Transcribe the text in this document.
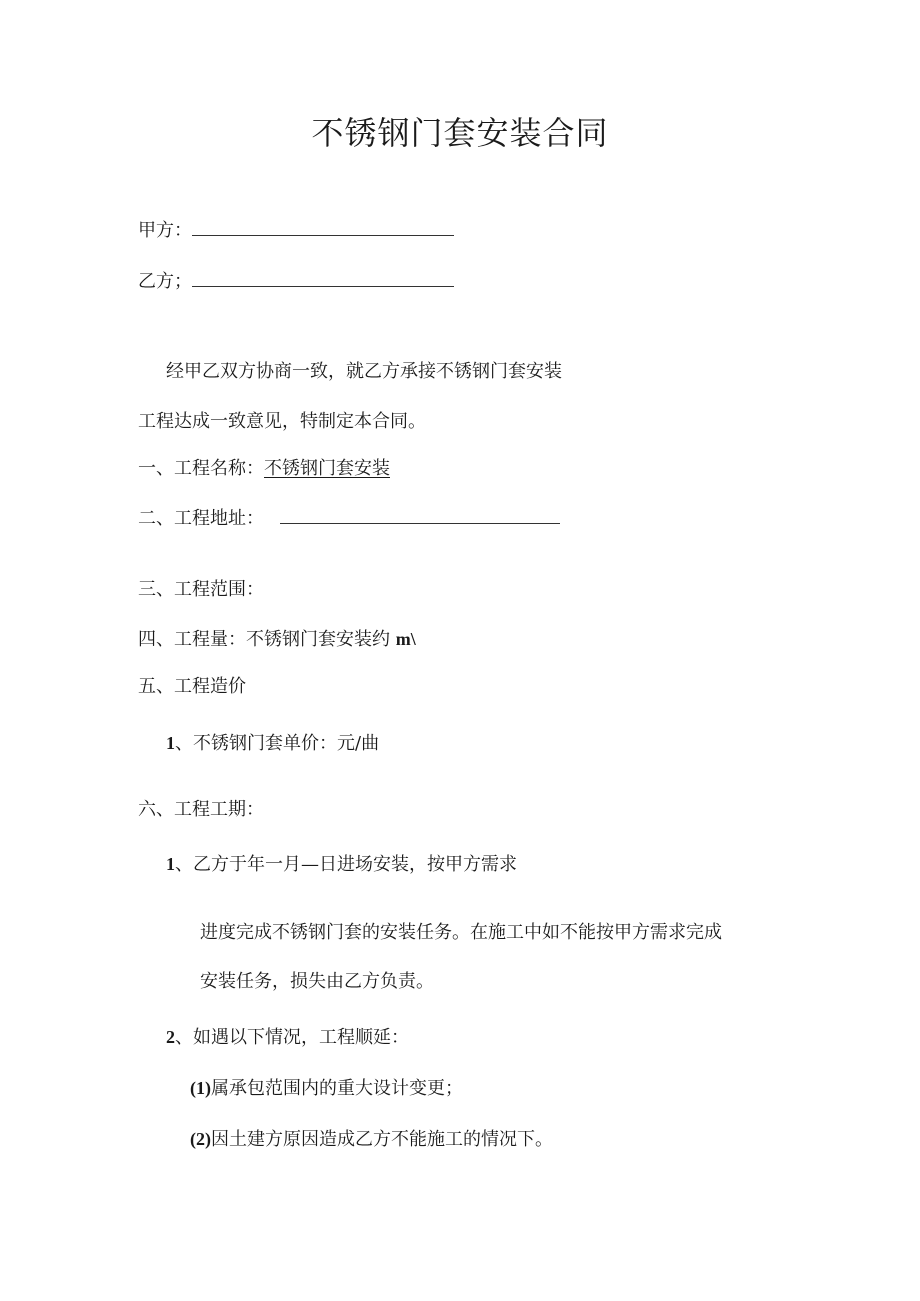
不锈钢门套安装合同
甲方：
乙方；
经甲乙双方协商一致，就乙方承接不锈钢门套安装
工程达成一致意见，特制定本合同。
一、工程名称：不锈钢门套安装
二、工程地址：
三、工程范围：
四、工程量：不锈钢门套安装约 m\
五、工程造价
1、不锈钢门套单价：元/曲
六、工程工期：
1、乙方于年一月—日进场安装，按甲方需求
进度完成不锈钢门套的安装任务。在施工中如不能按甲方需求完成
安装任务，损失由乙方负责。
2、如遇以下情况，工程顺延：
(1)属承包范围内的重大设计变更；
(2)因土建方原因造成乙方不能施工的情况下。
